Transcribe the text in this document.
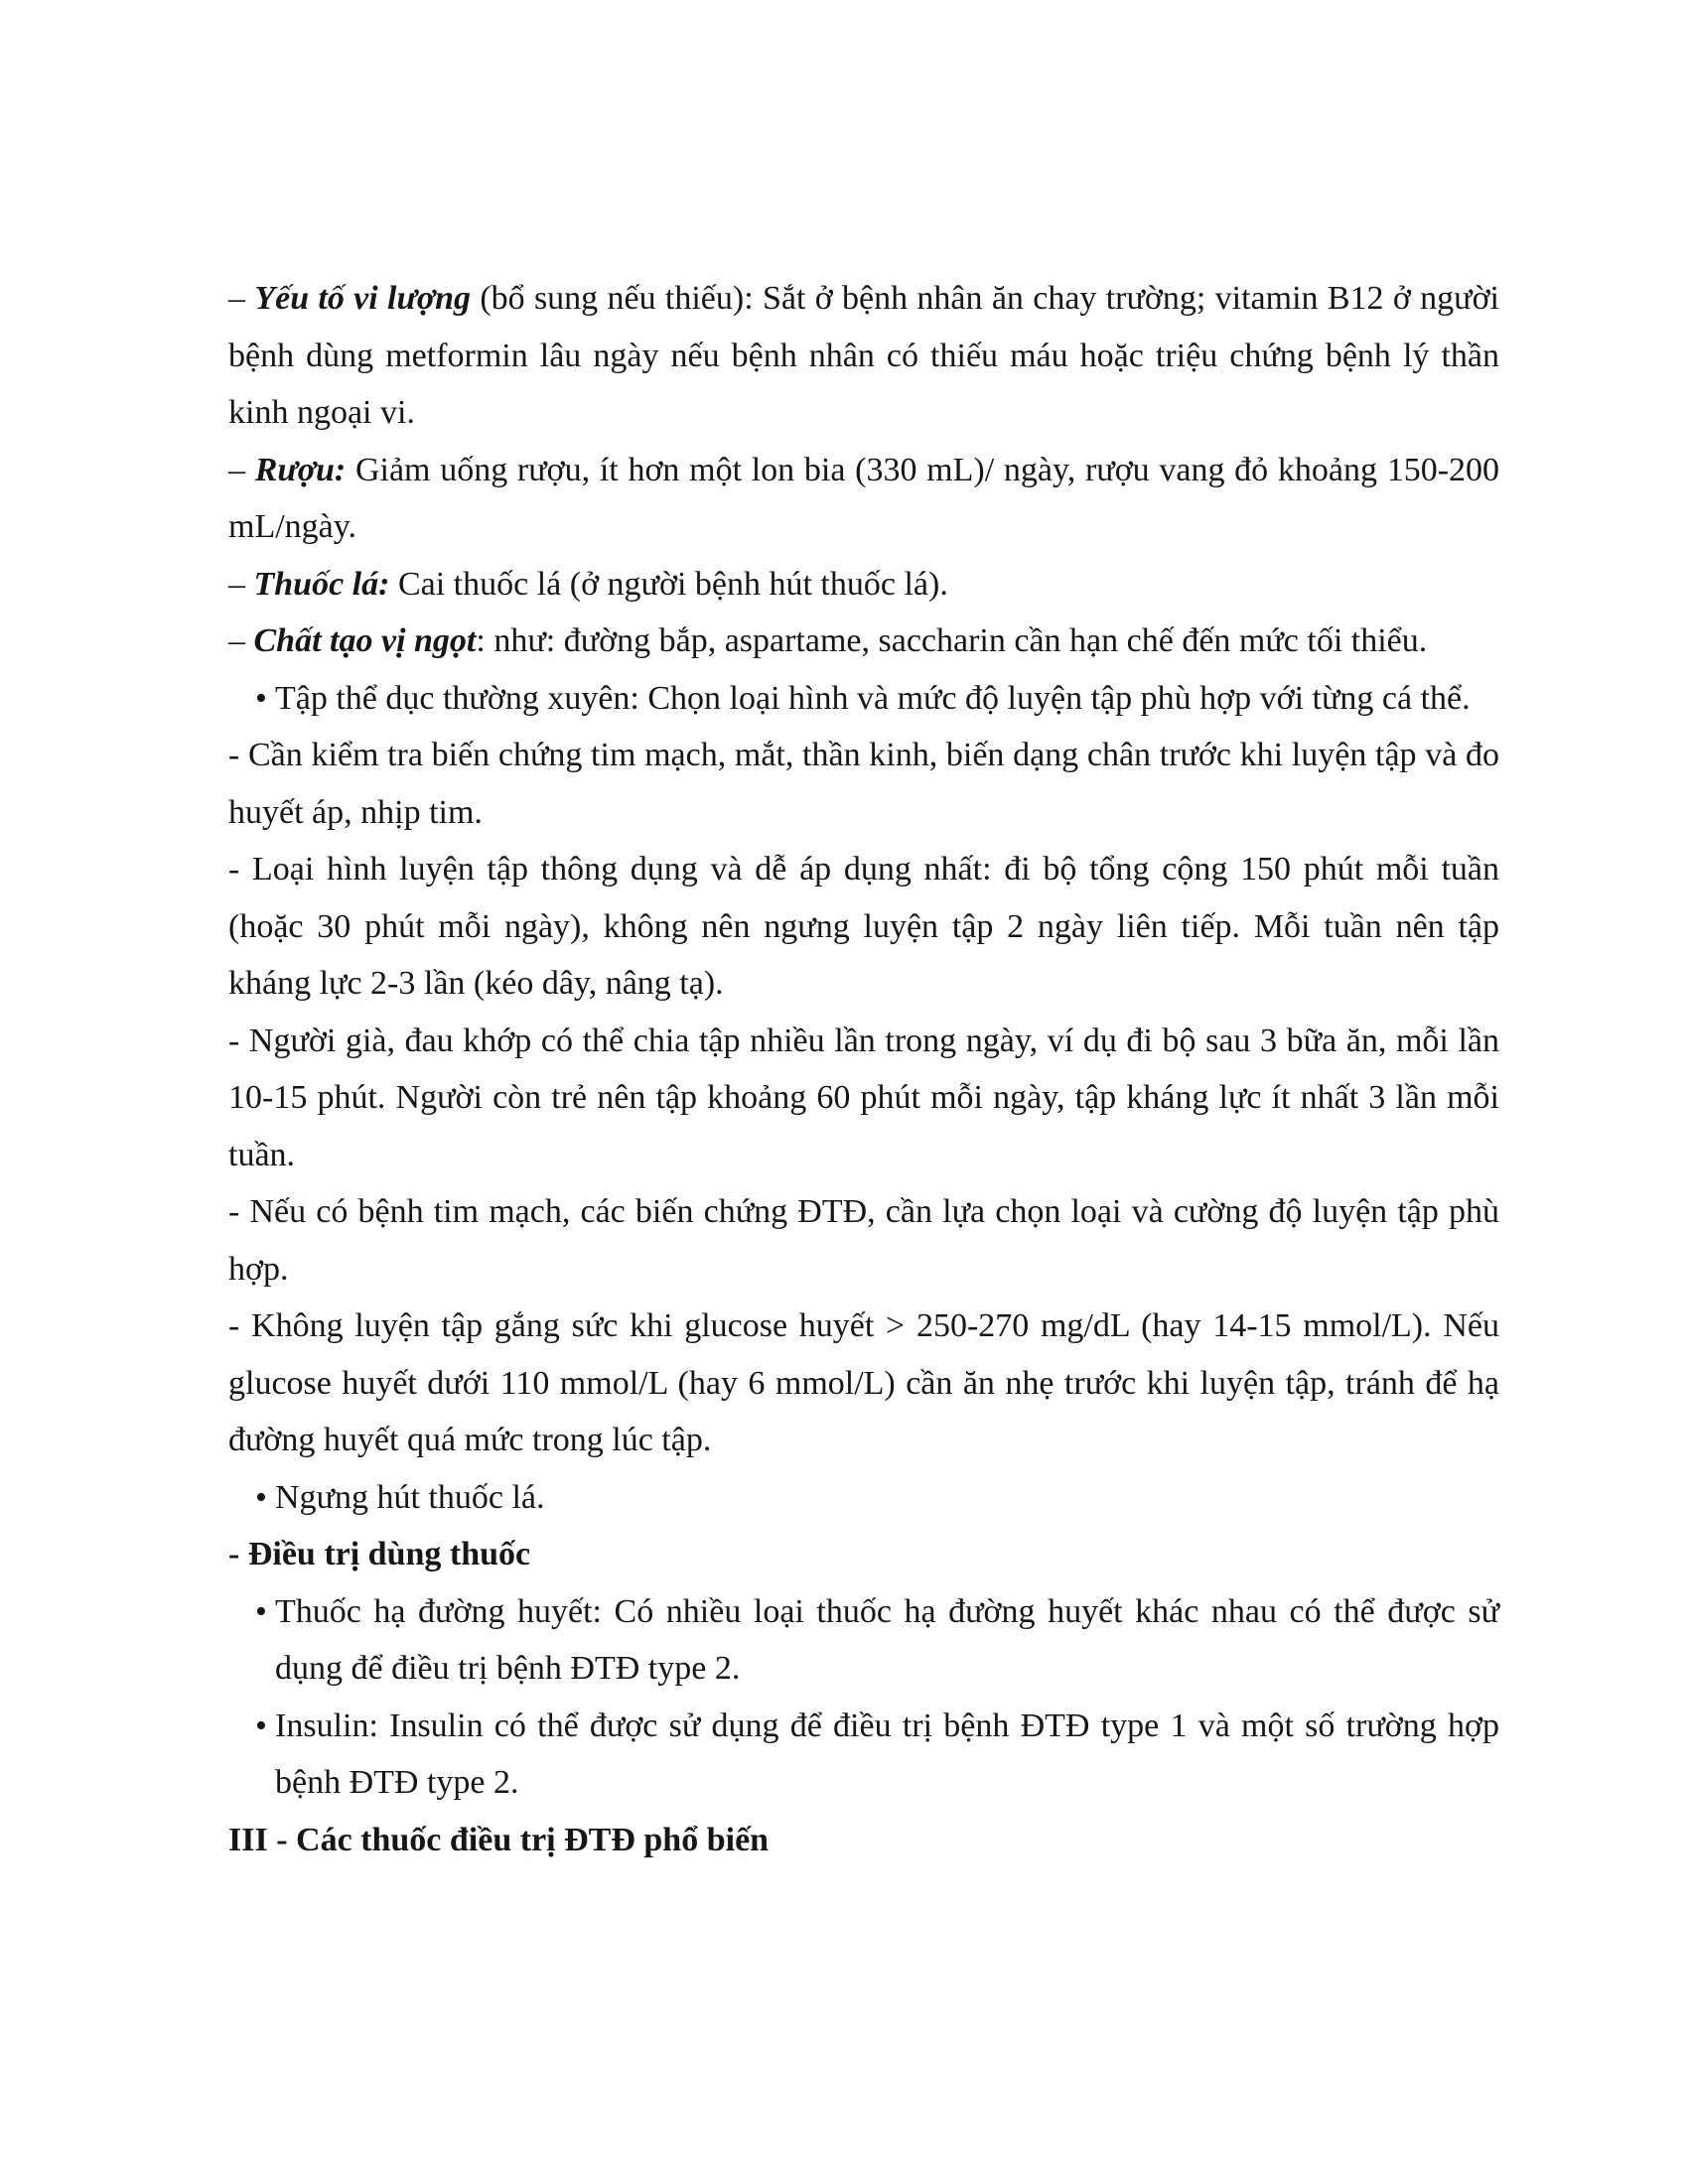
– Yếu tố vi lượng (bổ sung nếu thiếu): Sắt ở bệnh nhân ăn chay trường; vitamin B12 ở người bệnh dùng metformin lâu ngày nếu bệnh nhân có thiếu máu hoặc triệu chứng bệnh lý thần kinh ngoại vi.

– Rượu: Giảm uống rượu, ít hơn một lon bia (330 mL)/ ngày, rượu vang đỏ khoảng 150-200 mL/ngày.

– Thuốc lá: Cai thuốc lá (ở người bệnh hút thuốc lá).

– Chất tạo vị ngọt: như: đường bắp, aspartame, saccharin cần hạn chế đến mức tối thiểu.

• Tập thể dục thường xuyên: Chọn loại hình và mức độ luyện tập phù hợp với từng cá thể.

- Cần kiểm tra biến chứng tim mạch, mắt, thần kinh, biến dạng chân trước khi luyện tập và đo huyết áp, nhịp tim.

- Loại hình luyện tập thông dụng và dễ áp dụng nhất: đi bộ tổng cộng 150 phút mỗi tuần (hoặc 30 phút mỗi ngày), không nên ngưng luyện tập 2 ngày liên tiếp. Mỗi tuần nên tập kháng lực 2-3 lần (kéo dây, nâng tạ).

- Người già, đau khớp có thể chia tập nhiều lần trong ngày, ví dụ đi bộ sau 3 bữa ăn, mỗi lần 10-15 phút. Người còn trẻ nên tập khoảng 60 phút mỗi ngày, tập kháng lực ít nhất 3 lần mỗi tuần.

- Nếu có bệnh tim mạch, các biến chứng ĐTĐ, cần lựa chọn loại và cường độ luyện tập phù hợp.

- Không luyện tập gắng sức khi glucose huyết > 250-270 mg/dL (hay 14-15 mmol/L). Nếu glucose huyết dưới 110 mmol/L (hay 6 mmol/L) cần ăn nhẹ trước khi luyện tập, tránh để hạ đường huyết quá mức trong lúc tập.

• Ngưng hút thuốc lá.

- Điều trị dùng thuốc

• Thuốc hạ đường huyết: Có nhiều loại thuốc hạ đường huyết khác nhau có thể được sử dụng để điều trị bệnh ĐTĐ type 2.

• Insulin: Insulin có thể được sử dụng để điều trị bệnh ĐTĐ type 1 và một số trường hợp bệnh ĐTĐ type 2.

III - Các thuốc điều trị ĐTĐ phổ biến
